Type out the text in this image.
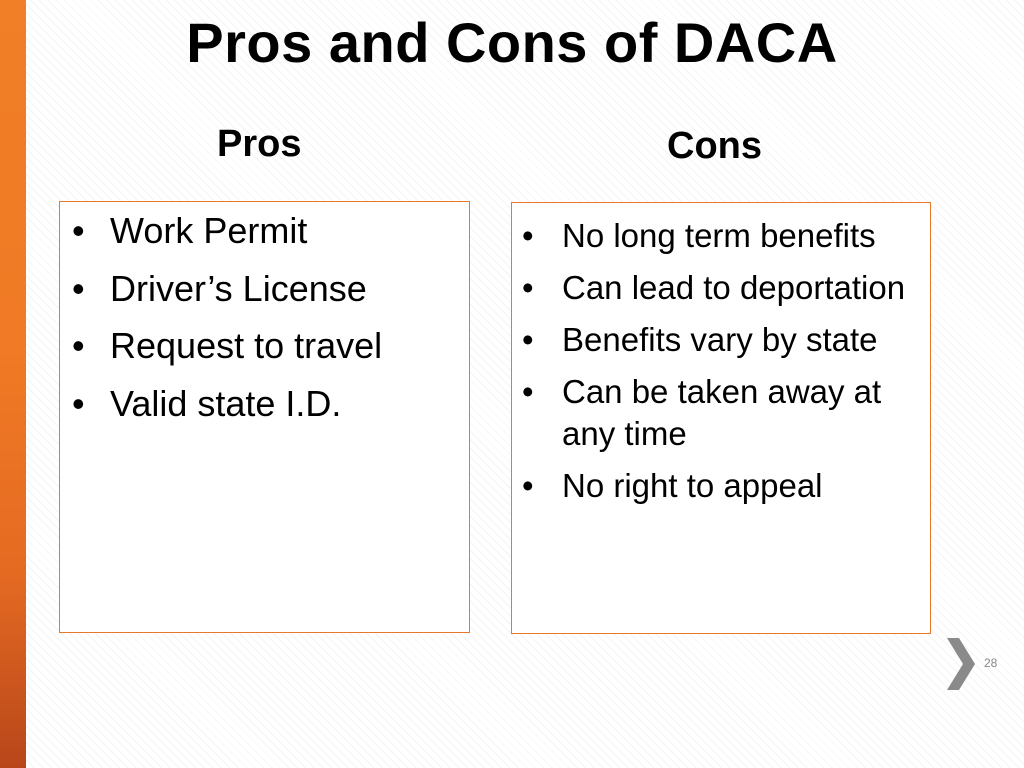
Pros and Cons of DACA
Pros	Cons
• Work Permit
• Driver’s License
• Request to travel
• Valid state I.D.
• No long term benefits
• Can lead to deportation
• Benefits vary by state
• Can be taken away at any time
• No right to appeal
28
